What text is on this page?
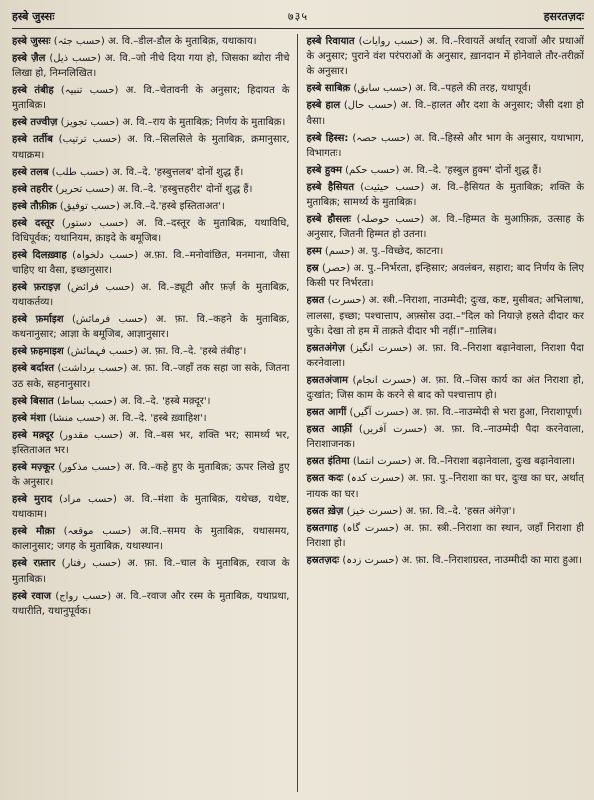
हस्बे जुस्सः	७३५	हसरतज़दः
हस्बे जुस्सः (حسب جثہ) अ. वि.–डील-डौल के मुताबिक़, यथाकाय।
हस्बे ज़ैल (حسب ذیل) अ. वि.–जो नीचे दिया गया हो, जिसका ब्योरा नीचे लिखा हो, निम्नलिखित।
हस्बे तंबीह (حسب تنبیہ) अ. वि.–चेतावनी के अनुसार; हिदायत के मुताबिक़।
हस्बे तज्वीज़ (حسب تجویز) अ. वि.–राय के मुताबिक़; निर्णय के मुताबिक़।
हस्बे तर्तीब (حسب ترتیب) अ. वि.–सिलसिले के मुताबिक़, क्रमानुसार, यथाक्रम।
हस्बे तलब (حسب طلب) अ. वि.–दे. 'हस्बुत्तलब' दोनों शुद्ध हैं।
हस्बे तहरीर (حسب تحریر) अ. वि.–दे. 'हस्बुत्तहरीर' दोनों शुद्ध हैं।
हस्बे तौफ़ीक़ (حسب توفیق) अ.वि.–दे.'हस्बे इस्तिताअत'।
हस्बे दस्तूर (حسب دستور) अ. वि.–दस्तूर के मुताबिक़, यथाविधि, विधिपूर्वक; यथानियम, क़ाइदे के बमूजिब।
हस्बे दिलख़्वाह (حسب دلخواہ) अ.फ़ा. वि.–मनोवांछित, मनमाना, जैसा चाहिए था वैसा, इच्छानुसार।
हस्बे फ़राइज़ (حسب فرائض) अ. वि.–ड्यूटी और फ़र्ज़ के मुताबिक़, यथाकर्तव्य।
हस्बे फ़र्माइश (حسب فرمائش) अ. फ़ा. वि.–कहने के मुताबिक़, कथनानुसार; आज्ञा के बमूजिब, आज्ञानुसार।
हस्बे फ़हमाइश (حسب فہمائش) अ. फ़ा. वि.–दे. 'हस्बे तंबीह'।
हस्बे बर्दाश्त (حسب برداشت) अ. फ़ा. वि.–जहाँ तक सहा जा सके, जितना उठ सके, सहनानुसार।
हस्बे बिसात (حسب بساط) अ. वि.–दे. 'हस्बे मक़्दूर'।
हस्बे मंशा (حسب منشا) अ. वि.–दे. 'हस्बे ख़्वाहिश'।
हस्बे मक़्दूर (حسب مقدور) अ. वि.–बस भर, शक्ति भर; सामर्थ्य भर, इस्तिताअत भर।
हस्बे मज़्कूर (حسب مذکور) अ. वि.–कहे हुए के मुताबिक़; ऊपर लिखे हुए के अनुसार।
हस्बे मुराद (حسب مراد) अ. वि.–मंशा के मुताबिक़, यथेच्छ, यथेष्ट, यथाकाम।
हस्बे मौक़ा (حسب موقعہ) अ.वि.–समय के मुताबिक़, यथासमय, कालानुसार; जगह के मुताबिक़, यथास्थान।
हस्बे रफ़्तार (حسب رفتار) अ. फ़ा. वि.–चाल के मुताबिक़, रवाज के मुताबिक़।
हस्बे रवाज (حسب رواج) अ. वि.–रवाज और रस्म के मुताबिक़, यथाप्रथा, यथारीति, यथानुपूर्वक।
हस्बे रिवायात (حسب روایات) अ. वि.–रिवायतें अर्थात् रवाजों और प्रथाओं के अनुसार; पुराने वंश परंपराओं के अनुसार, ख़ानदान में होनेवाले तौर-तरीक़ों के अनुसार।
हस्बे साबिक़ (حسب سابق) अ. वि.–पहले की तरह, यथापूर्व।
हस्बे हाल (حسب حال) अ. वि.–हालत और दशा के अनुसार; जैसी दशा हो वैसा।
हस्बे हिस्स: (حسب حصہ) अ. वि.–हिस्से और भाग के अनुसार, यथाभाग, विभागतः।
हस्बे हुक्म (حسب حکم) अ. वि.–दे. 'हस्बुल हुक्म' दोनों शुद्ध हैं।
हस्बे हैसियत (حسب حیثیت) अ. वि.–हैसियत के मुताबिक़; शक्ति के मुताबिक़; सामर्थ्य के मुताबिक़।
हस्बे हौसलः (حسب حوصلہ) अ. वि.–हिम्मत के मुआफ़िक़, उत्साह के अनुसार, जितनी हिम्मत हो उतना।
हस्म (حسم) अ. पु.–विच्छेद, काटना।
हस्र (حصر) अ. पु.–निर्भरता, इन्हिसार; अवलंबन, सहारा; बाद निर्णय के लिए किसी पर निर्भरता।
हस्रत (حسرت) अ. स्त्री.–निराशा, नाउम्मेदी; दुःख, कष्ट, मुसीबत; अभिलाषा, लालसा, इच्छा; पश्चात्ताप, अफ़्सोस उदा.–"दिल को नियाज़े हस्रते दीदार कर चुके। देखा तो हम में ताक़ते दीदार भी नहीं।"–ग़ालिब।
हस्रतअंगेज़ (حسرت انگیز) अ. फ़ा. वि.–निराशा बढ़ानेवाला, निराशा पैदा करनेवाला।
हस्रतअंजाम (حسرت انجام) अ. फ़ा. वि.–जिस कार्य का अंत निराशा हो, दुःखांत; जिस काम के करने से बाद को पश्चात्ताप हो।
हस्रत आगीं (حسرت آگیں) अ. फ़ा. वि.–नाउम्मेदी से भरा हुआ, निराशापूर्ण।
हस्रत आफ़्रीं (حسرت آفریں) अ. फ़ा. वि.–नाउम्मेदी पैदा करनेवाला, निराशाजनक।
हस्रत इंतिमा (حسرت انتما) अ. वि.–निराशा बढ़ानेवाला, दुःख बढ़ानेवाला।
हस्रत कदः (حسرت کدہ) अ. फ़ा. पु.–निराशा का घर, दुःख का घर, अर्थात् नायक का घर।
हस्रत ख़ेज़ (حسرت خیز) अ. फ़ा. वि.–दे. 'हस्रत अंगेज़'।
हस्रतगाह (حسرت گاہ) अ. फ़ा. स्त्री.–निराशा का स्थान, जहाँ निराशा ही निराशा हो।
हस्रतज़दः (حسرت زدہ) अ. फ़ा. वि.–निराशाग्रस्त, नाउम्मीदी का मारा हुआ।
